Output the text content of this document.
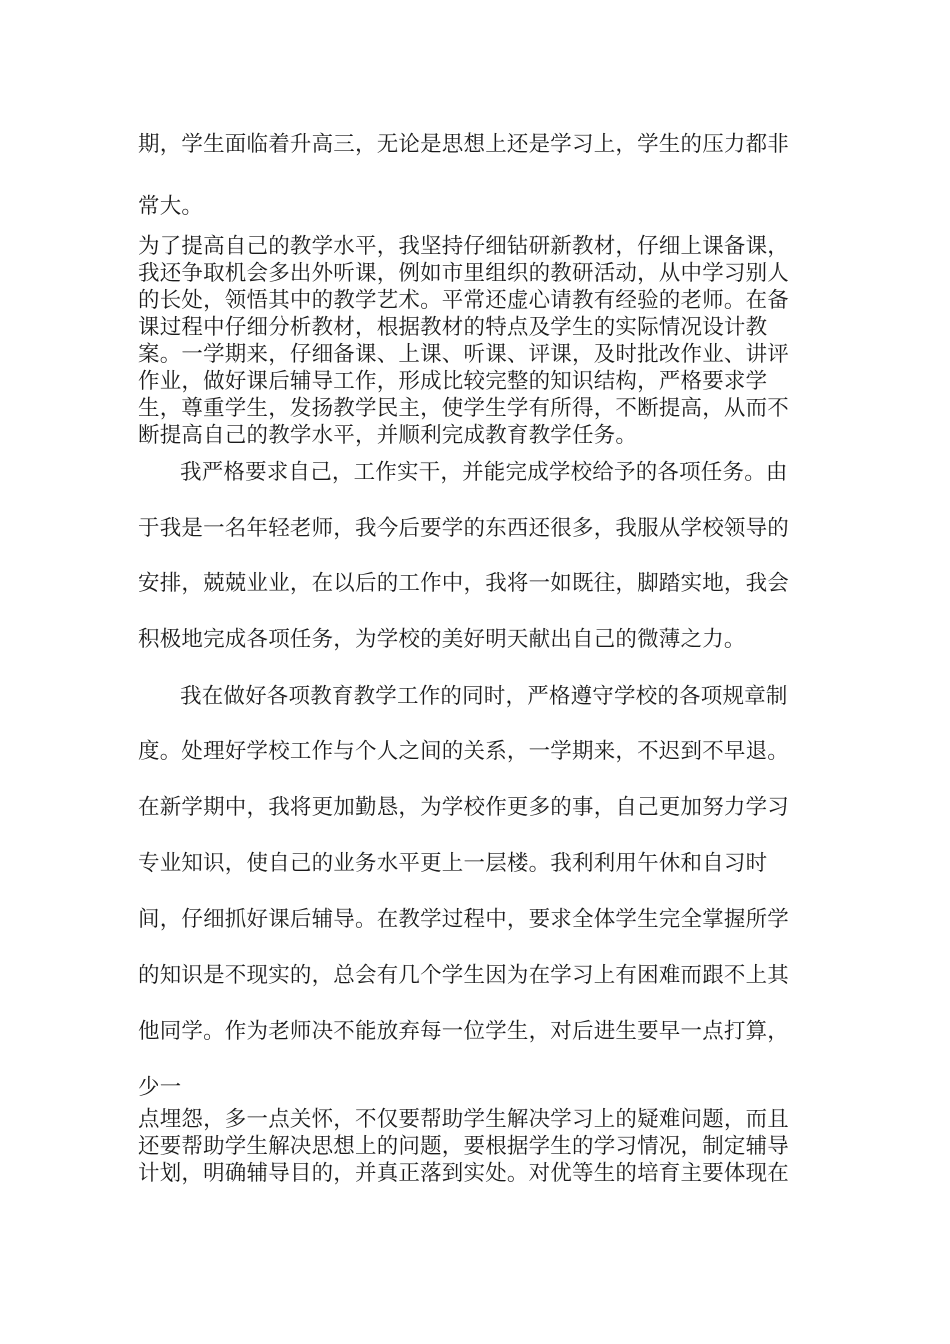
期，学生面临着升高三，无论是思想上还是学习上，学生的压力都非
常大。
为了提高自己的教学水平，我坚持仔细钻研新教材，仔细上课备课，
我还争取机会多出外听课，例如市里组织的教研活动，从中学习别人
的长处，领悟其中的教学艺术。平常还虚心请教有经验的老师。在备
课过程中仔细分析教材，根据教材的特点及学生的实际情况设计教
案。一学期来，仔细备课、上课、听课、评课，及时批改作业、讲评
作业，做好课后辅导工作，形成比较完整的知识结构，严格要求学
生，尊重学生，发扬教学民主，使学生学有所得，不断提高，从而不
断提高自己的教学水平，并顺利完成教育教学任务。
我严格要求自己，工作实干，并能完成学校给予的各项任务。由
于我是一名年轻老师，我今后要学的东西还很多，我服从学校领导的
安排，兢兢业业，在以后的工作中，我将一如既往，脚踏实地，我会
积极地完成各项任务，为学校的美好明天献出自己的微薄之力。
我在做好各项教育教学工作的同时，严格遵守学校的各项规章制
度。处理好学校工作与个人之间的关系，一学期来，不迟到不早退。
在新学期中，我将更加勤恳，为学校作更多的事，自己更加努力学习
专业知识，使自己的业务水平更上一层楼。我利利用午休和自习时
间，仔细抓好课后辅导。在教学过程中，要求全体学生完全掌握所学
的知识是不现实的，总会有几个学生因为在学习上有困难而跟不上其
他同学。作为老师决不能放弃每一位学生，对后进生要早一点打算，
少一
点埋怨，多一点关怀，不仅要帮助学生解决学习上的疑难问题，而且
还要帮助学生解决思想上的问题，要根据学生的学习情况，制定辅导
计划，明确辅导目的，并真正落到实处。对优等生的培育主要体现在
